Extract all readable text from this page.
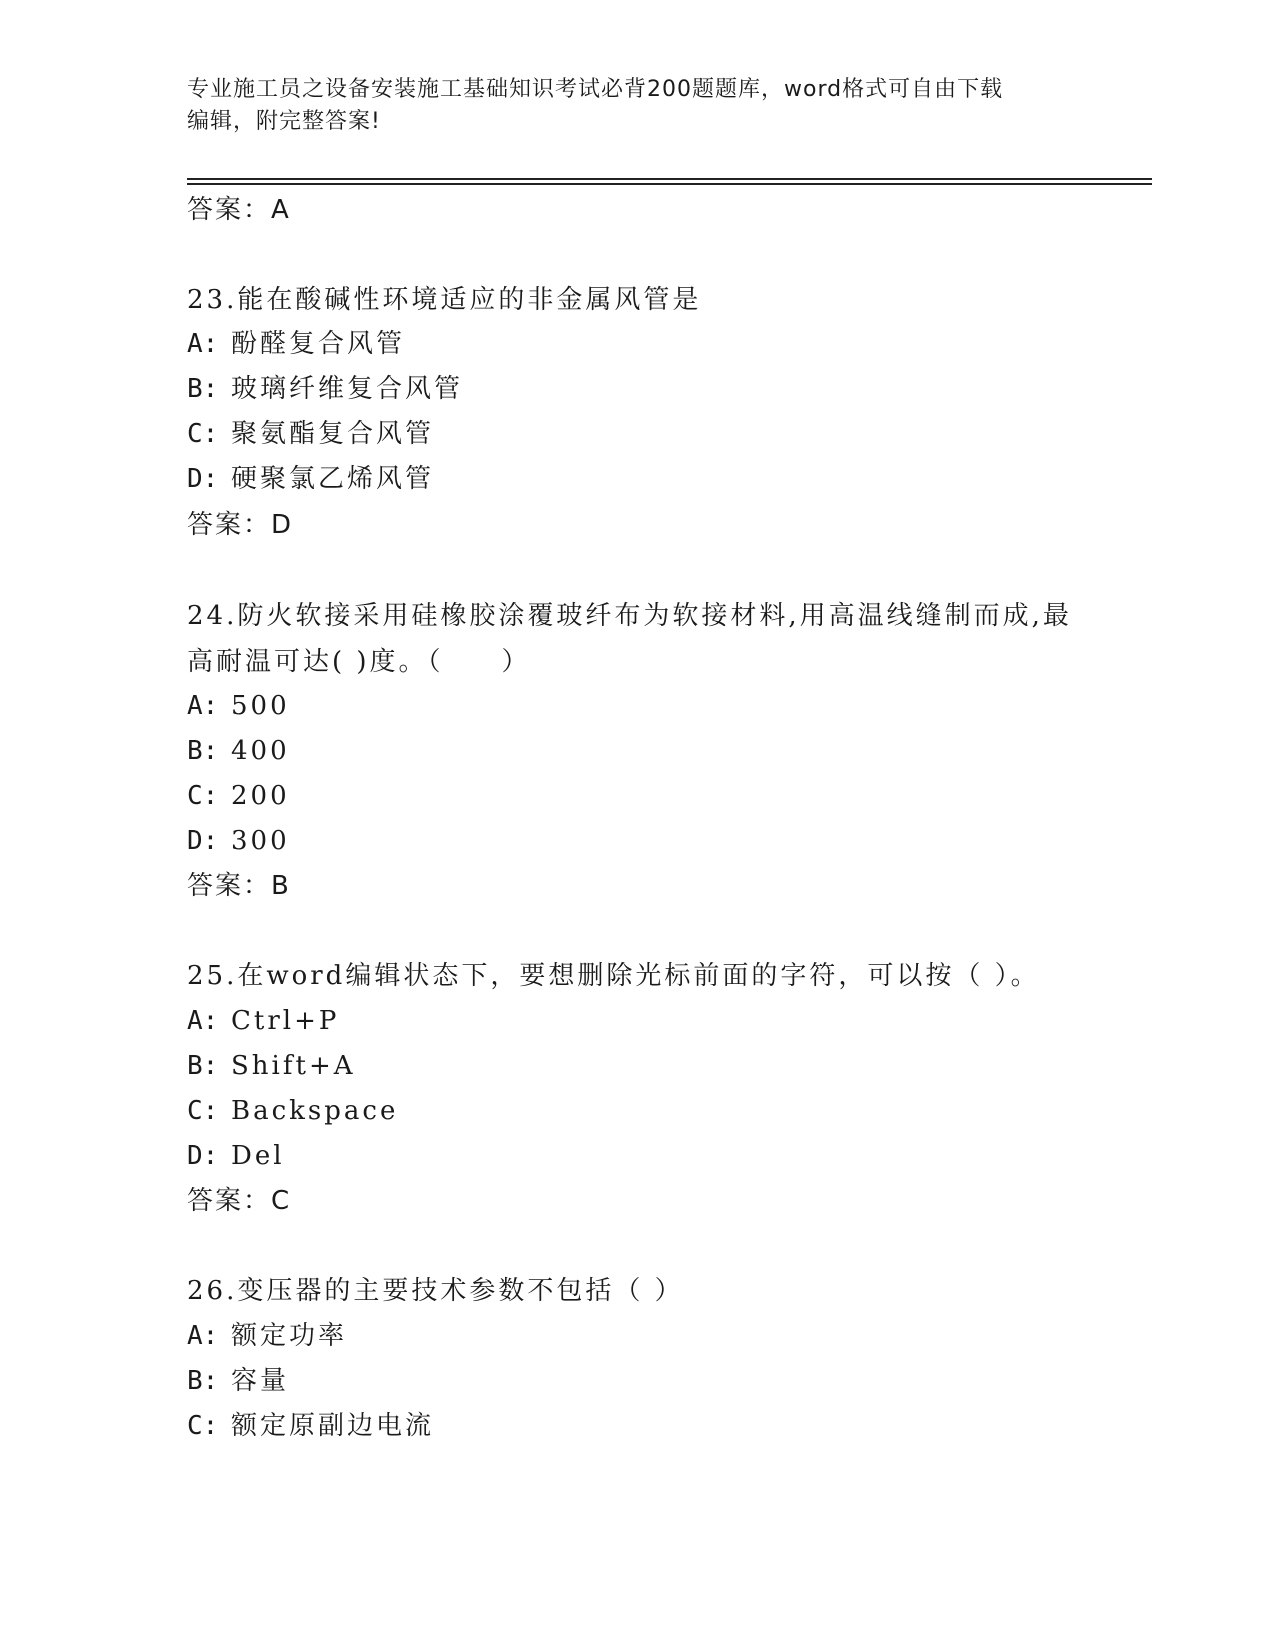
专业施工员之设备安装施工基础知识考试必背200题题库，word格式可自由下载
编辑，附完整答案!
答案：A
23.能在酸碱性环境适应的非金属风管是
A: 酚醛复合风管
B: 玻璃纤维复合风管
C: 聚氨酯复合风管
D: 硬聚氯乙烯风管
答案：D
24.防火软接采用硅橡胶涂覆玻纤布为软接材料,用高温线缝制而成,最
高耐温可达( )度。（　　）
A: 500
B: 400
C: 200
D: 300
答案：B
25.在word编辑状态下，要想删除光标前面的字符，可以按（ ）。
A: Ctrl+P
B: Shift+A
C: Backspace
D: Del
答案：C
26.变压器的主要技术参数不包括（ ）
A: 额定功率
B: 容量
C: 额定原副边电流
